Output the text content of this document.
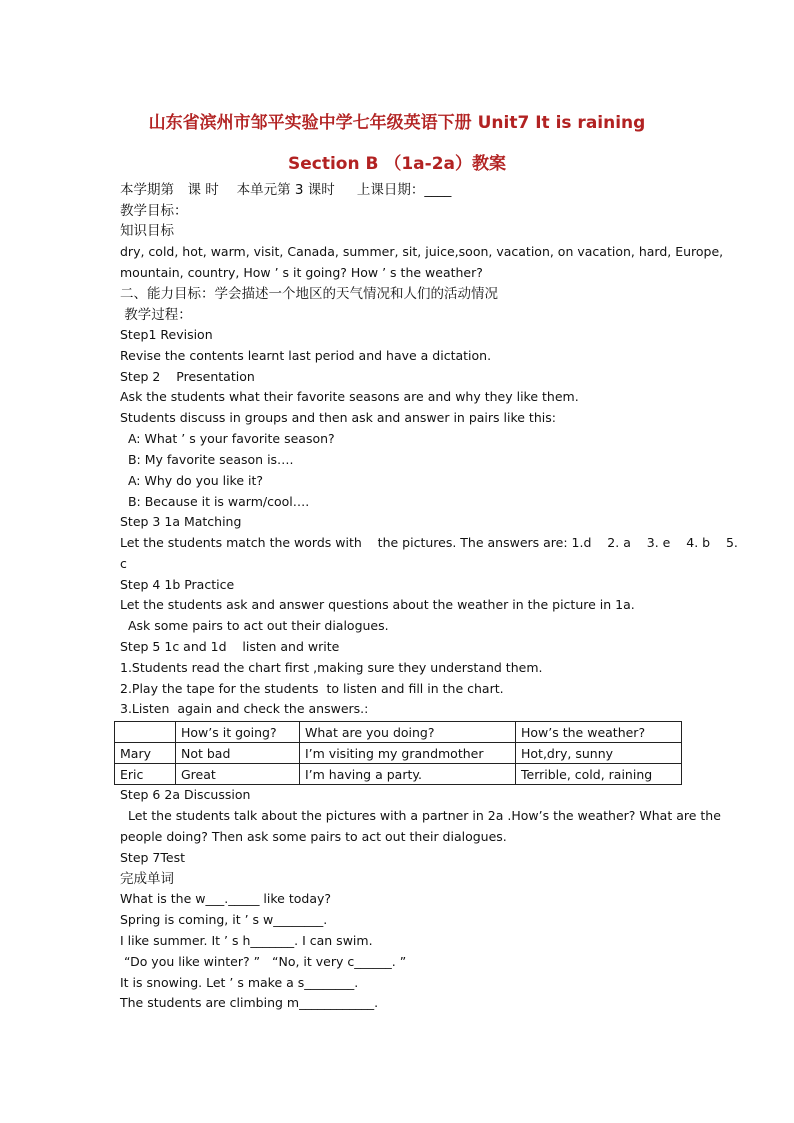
山东省滨州市邹平实验中学七年级英语下册 Unit7 It is raining
Section B （1a-2a）教案
本学期第　课 时　 本单元第 3 课时　  上课日期：____
教学目标：
知识目标
dry, cold, hot, warm, visit, Canada, summer, sit, juice,soon, vacation, on vacation, hard, Europe,
mountain, country, How ’ s it going? How ’ s the weather?
二、能力目标：学会描述一个地区的天气情况和人们的活动情况
教学过程：
Step1 Revision
Revise the contents learnt last period and have a dictation.
Step 2    Presentation
Ask the students what their favorite seasons are and why they like them.
Students discuss in groups and then ask and answer in pairs like this:
A: What ’ s your favorite season?
B: My favorite season is….
A: Why do you like it?
B: Because it is warm/cool….
Step 3 1a Matching
Let the students match the words with    the pictures. The answers are: 1.d    2. a    3. e    4. b    5.
c
Step 4 1b Practice
Let the students ask and answer questions about the weather in the picture in 1a.
Ask some pairs to act out their dialogues.
Step 5 1c and 1d    listen and write
1.Students read the chart first ,making sure they understand them.
2.Play the tape for the students  to listen and fill in the chart.
3.Listen  again and check the answers.:
	How’s it going?	What are you doing?	How’s the weather?
Mary	Not bad	I’m visiting my grandmother	Hot,dry, sunny
Eric	Great	I’m having a party.	Terrible, cold, raining
Step 6 2a Discussion
Let the students talk about the pictures with a partner in 2a .How’s the weather? What are the
people doing? Then ask some pairs to act out their dialogues.
Step 7Test
完成单词
What is the w___._____ like today?
Spring is coming, it ’ s w________.
I like summer. It ’ s h_______. I can swim.
“Do you like winter? ”   “No, it very c______. ”
It is snowing. Let ’ s make a s________.
The students are climbing m____________.
